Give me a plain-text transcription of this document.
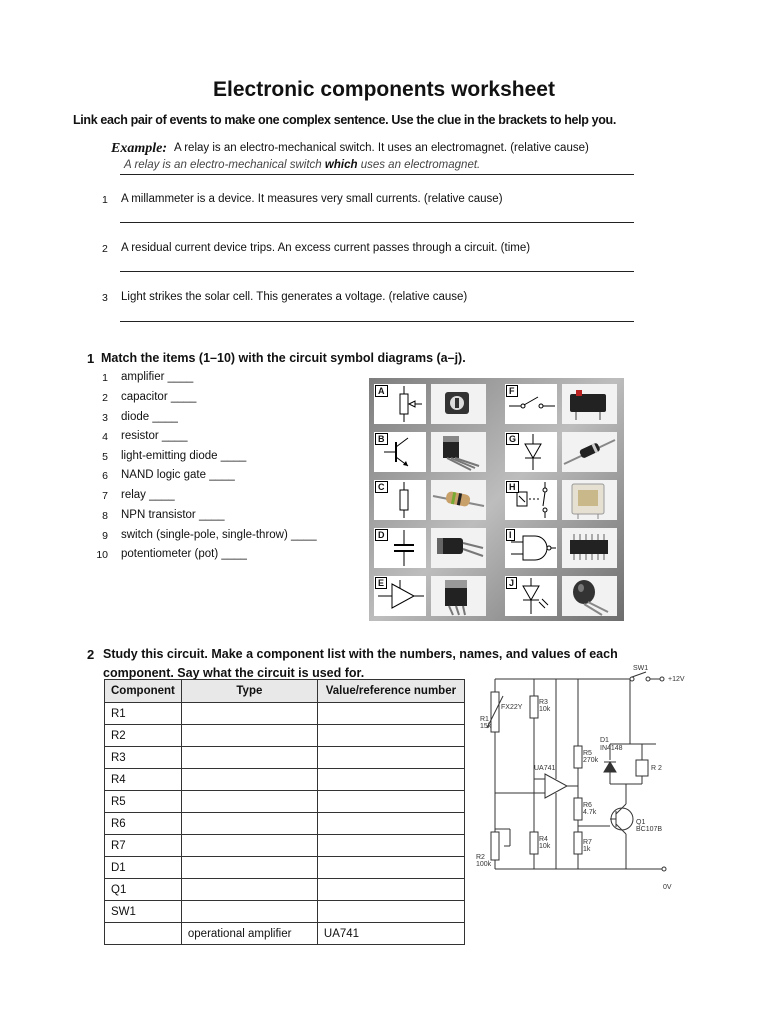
Electronic components worksheet
Link each pair of events to make one complex sentence. Use the clue in the brackets to help you.
Example: A relay is an electro-mechanical switch. It uses an electromagnet. (relative cause)
A relay is an electro-mechanical switch which uses an electromagnet.
1 A millammeter is a device. It measures very small currents. (relative cause)
2 A residual current device trips. An excess current passes through a circuit. (time)
3 Light strikes the solar cell. This generates a voltage. (relative cause)
1 Match the items (1–10) with the circuit symbol diagrams (a–j).
1 amplifier ____
2 capacitor ____
3 diode ____
4 resistor ____
5 light-emitting diode ____
6 NAND logic gate ____
7 relay ____
8 NPN transistor ____
9 switch (single-pole, single-throw) ____
10 potentiometer (pot) ____
A
B
C
D
E
F
G
H
I
J
2 Study this circuit. Make a component list with the numbers, names, and values of each
component. Say what the circuit is used for.
Component	Type	Value/reference number
R1		
R2		
R3		
R4		
R5		
R6		
R7		
D1		
Q1		
SW1		
	operational amplifier	UA741
SW1
+12V
0V
FX22Y
R1
15k
R2
100k
R3
10k
R4
10k
R5
270k
R6
4.7k
R7
1k
D1
IN4148
Q1
BC107B
UA741	R 2
